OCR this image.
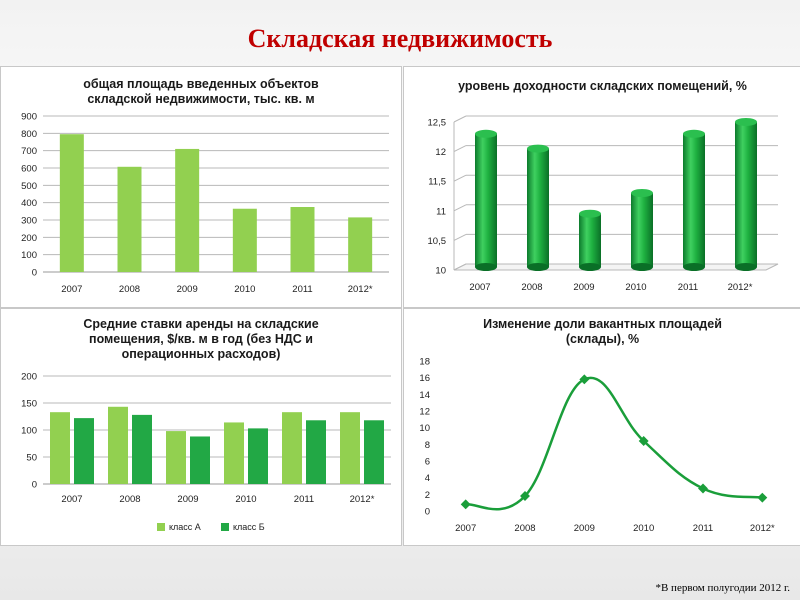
Складская недвижимость
общая площадь введенных объектов
складской недвижимости, тыс. кв. м
0
100
200
300
400
500
600
700
800
900
2007	2008	2009	2010	2011	2012*
уровень доходности складских помещений, %
10
10,5
11
11,5
12
12,5
2007	2008	2009	2010	2011	2012*
Средние ставки аренды на складские
помещения, $/кв. м в год (без НДС и
операционных расходов)
0
50
100
150
200
2007	2008	2009	2010	2011	2012*
класс А	класс Б
Изменение доли вакантных площадей
(склады), %
0
2
4
6
8
10
12
14
16
18
2007	2008	2009	2010	2011	2012*
*В первом полугодии 2012 г.
